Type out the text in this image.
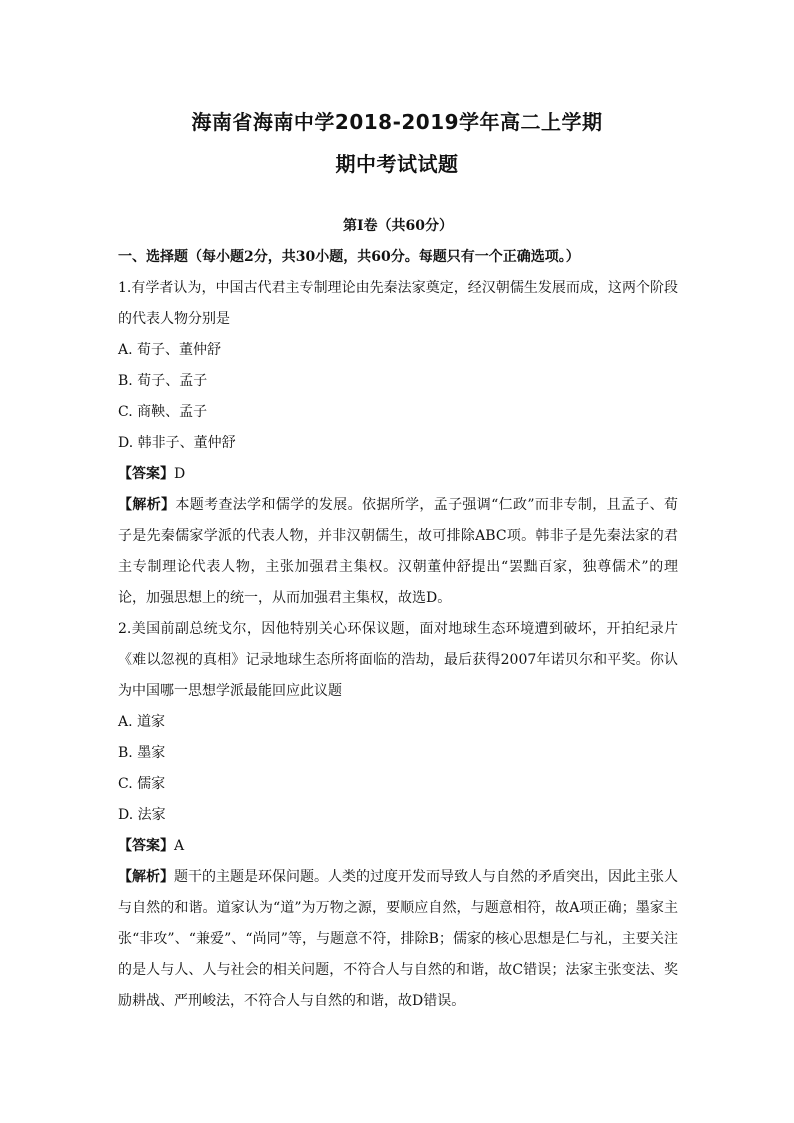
海南省海南中学2018-2019学年高二上学期
期中考试试题
第Ⅰ卷（共60分）
一、选择题（每小题2分，共30小题，共60分。每题只有一个正确选项。）
1.有学者认为，中国古代君主专制理论由先秦法家奠定，经汉朝儒生发展而成，这两个阶段的代表人物分别是
A. 荀子、董仲舒
B. 荀子、孟子
C. 商鞅、孟子
D. 韩非子、董仲舒
【答案】D
【解析】本题考查法学和儒学的发展。依据所学，孟子强调“仁政”而非专制，且孟子、荀子是先秦儒家学派的代表人物，并非汉朝儒生，故可排除ABC项。韩非子是先秦法家的君主专制理论代表人物，主张加强君主集权。汉朝董仲舒提出“罢黜百家，独尊儒术”的理论，加强思想上的统一，从而加强君主集权，故选D。
2.美国前副总统戈尔，因他特别关心环保议题，面对地球生态环境遭到破坏，开拍纪录片《难以忽视的真相》记录地球生态所将面临的浩劫，最后获得2007年诺贝尔和平奖。你认为中国哪一思想学派最能回应此议题
A. 道家
B. 墨家
C. 儒家
D. 法家
【答案】A
【解析】题干的主题是环保问题。人类的过度开发而导致人与自然的矛盾突出，因此主张人与自然的和谐。道家认为“道”为万物之源，要顺应自然，与题意相符，故A项正确；墨家主张“非攻”、“兼爱”、“尚同”等，与题意不符，排除B；儒家的核心思想是仁与礼，主要关注的是人与人、人与社会的相关问题，不符合人与自然的和谐，故C错误；法家主张变法、奖励耕战、严刑峻法，不符合人与自然的和谐，故D错误。
